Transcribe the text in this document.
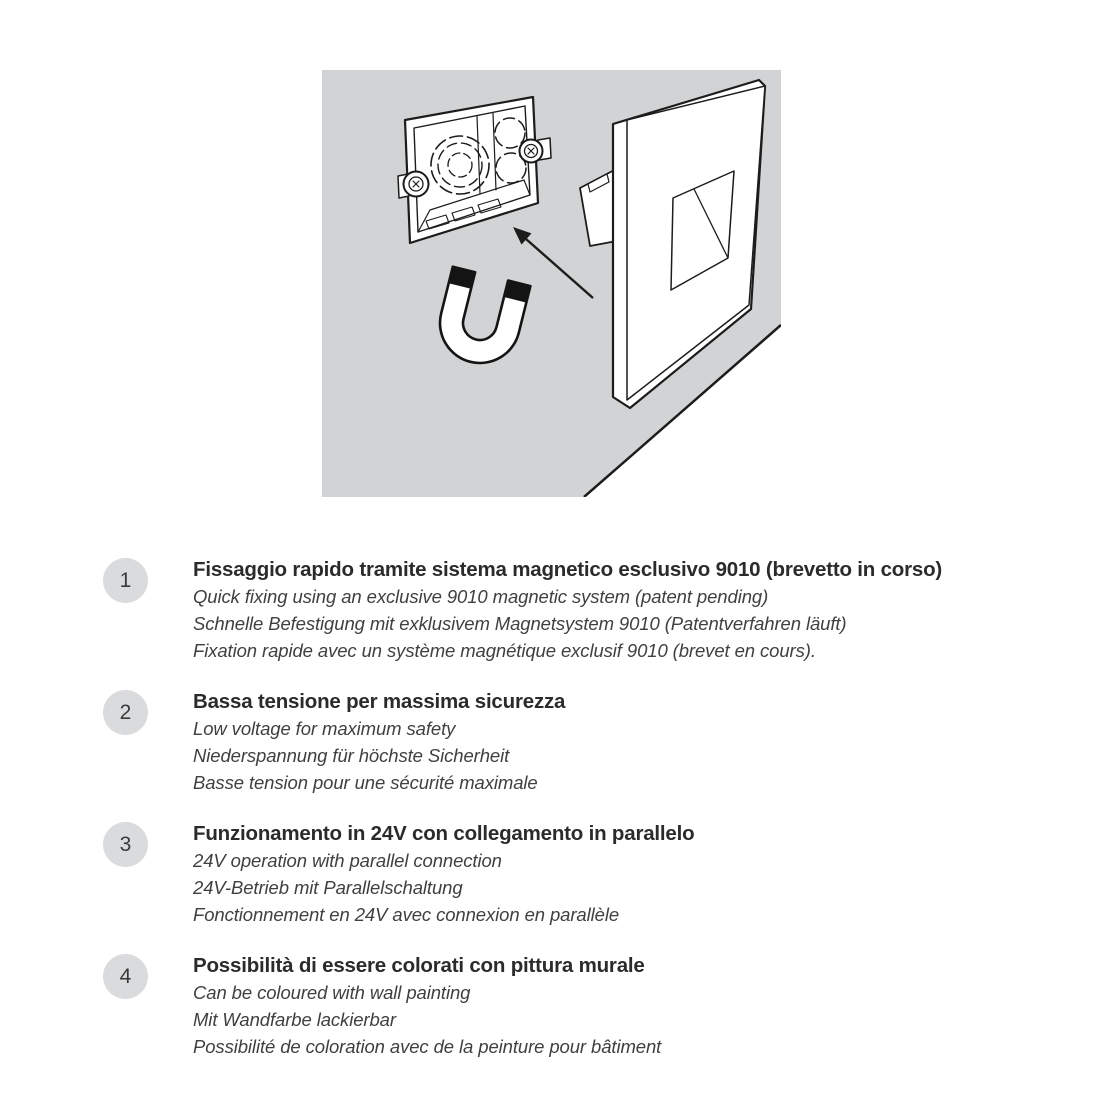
1	Fissaggio rapido tramite sistema magnetico esclusivo 9010 (brevetto in corso)
Quick fixing using an exclusive 9010 magnetic system (patent pending)
Schnelle Befestigung mit exklusivem Magnetsystem 9010 (Patentverfahren läuft)
Fixation rapide avec un système magnétique exclusif 9010 (brevet en cours).
2	Bassa tensione per massima sicurezza
Low voltage for maximum safety
Niederspannung für höchste Sicherheit
Basse tension pour une sécurité maximale
3	Funzionamento in 24V con collegamento in parallelo
24V operation with parallel connection
24V-Betrieb mit Parallelschaltung
Fonctionnement en 24V avec connexion en parallèle
4	Possibilità di essere colorati con pittura murale
Can be coloured with wall painting
Mit Wandfarbe lackierbar
Possibilité de coloration avec de la peinture pour bâtiment
